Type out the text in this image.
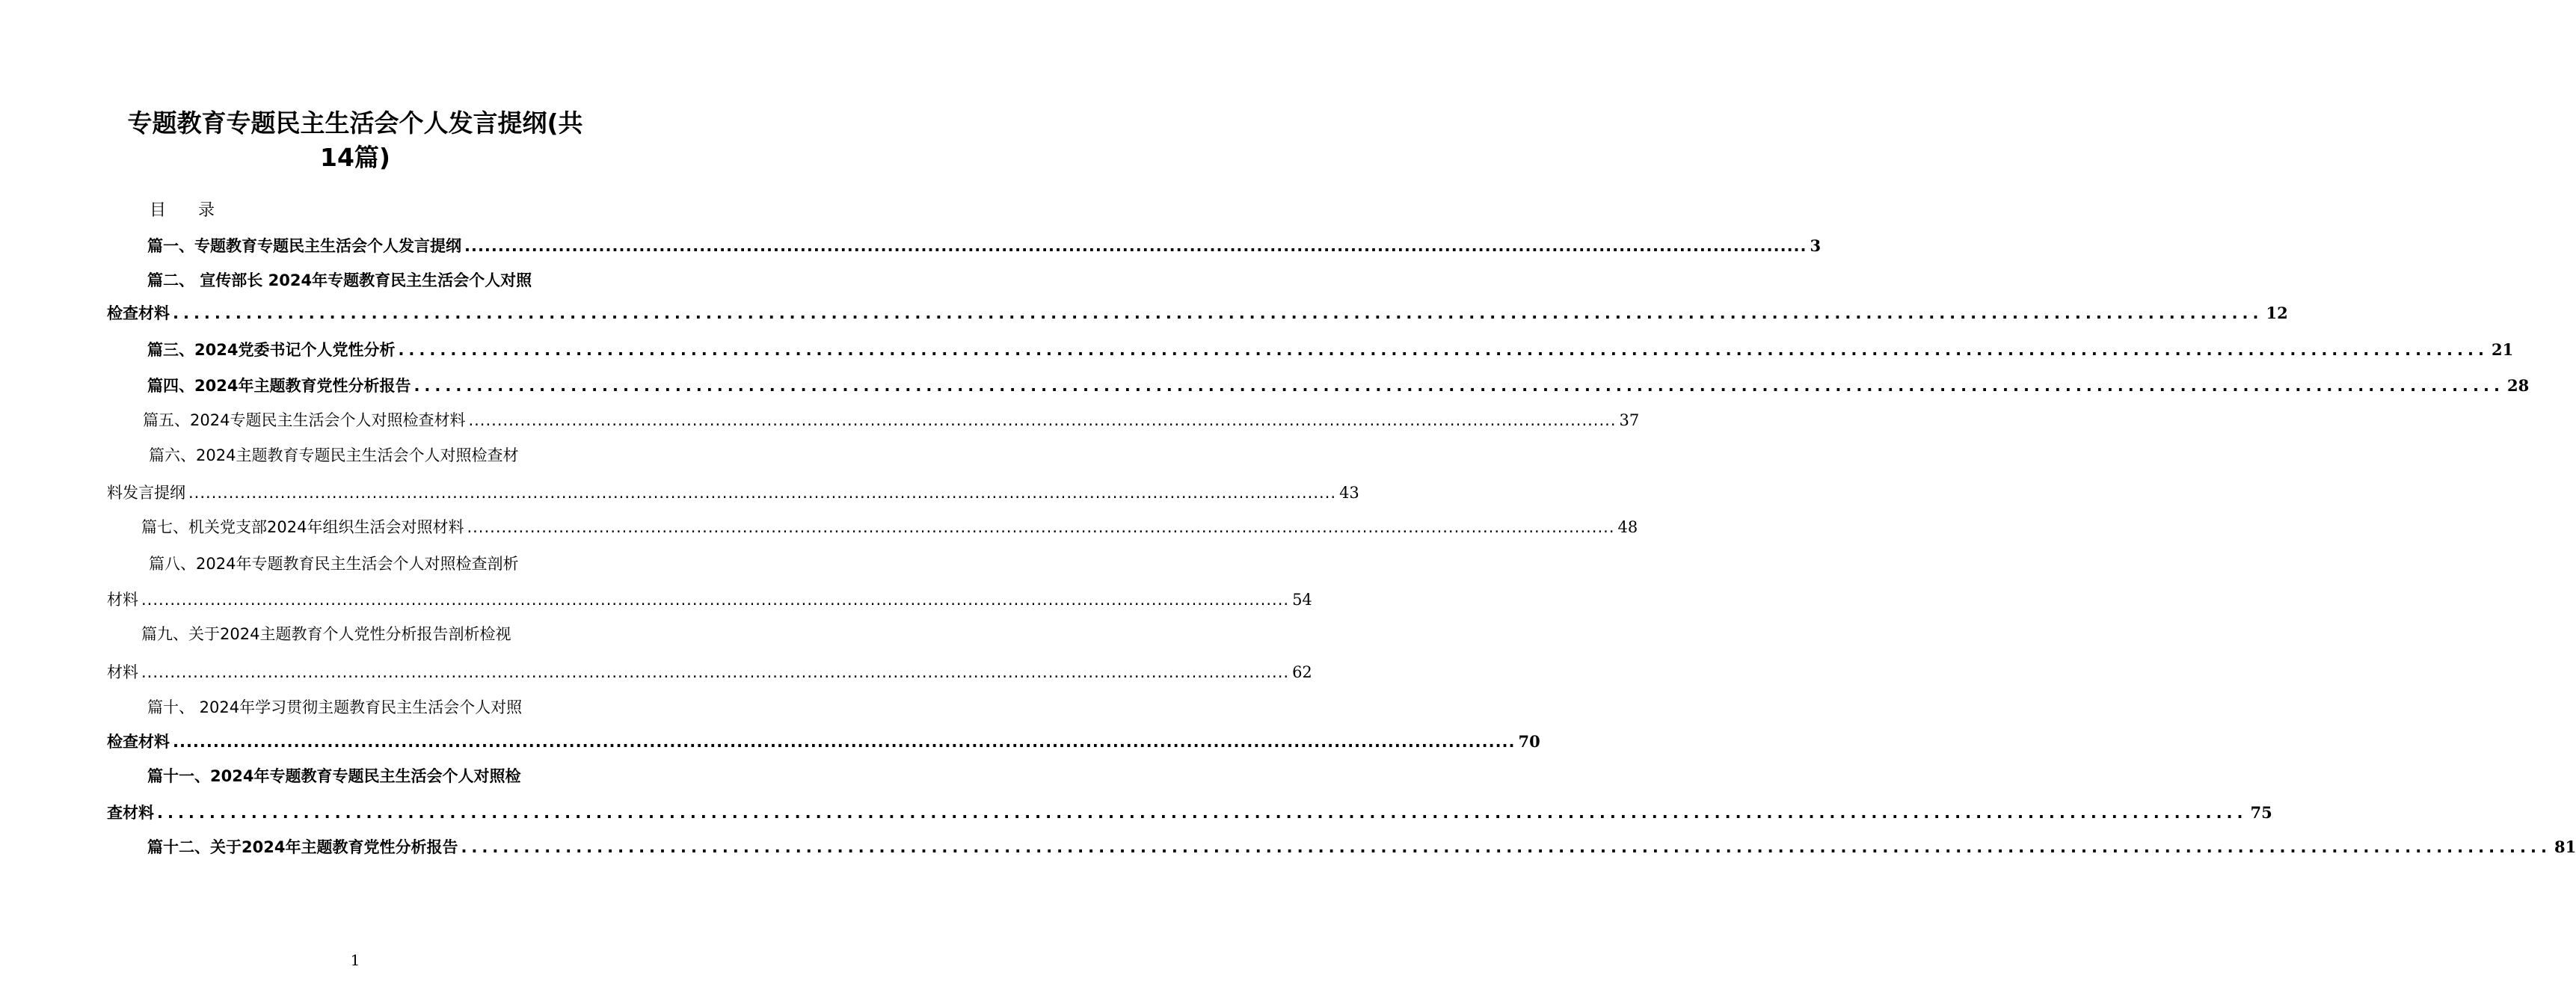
专题教育专题民主生活会个人发言提纲(共
14篇)
目 录
篇一、专题教育专题民主生活会个人发言提纲 ........................................................................................................................................................................................................ 3
篇二、 宣传部长 2024年专题教育民主生活会个人对照
检查材料 ........................................................................................................................................................................................................ 12
篇三、2024党委书记个人党性分析 ........................................................................................................................................................................................................ 21
篇四、2024年主题教育党性分析报告 ........................................................................................................................................................................................................ 28
篇五、2024专题民主生活会个人对照检查材料 ........................................................................................................................................................................................................ 37
篇六、2024主题教育专题民主生活会个人对照检查材
料发言提纲 ........................................................................................................................................................................................................ 43
篇七、机关党支部2024年组织生活会对照材料 ........................................................................................................................................................................................................ 48
篇八、2024年专题教育民主生活会个人对照检查剖析
材料 ........................................................................................................................................................................................................ 54
篇九、关于2024主题教育个人党性分析报告剖析检视
材料 ........................................................................................................................................................................................................ 62
篇十、 2024年学习贯彻主题教育民主生活会个人对照
检查材料 ........................................................................................................................................................................................................ 70
篇十一、2024年专题教育专题民主生活会个人对照检
查材料 ........................................................................................................................................................................................................ 75
篇十二、关于2024年主题教育党性分析报告 ........................................................................................................................................................................................................ 81
1
